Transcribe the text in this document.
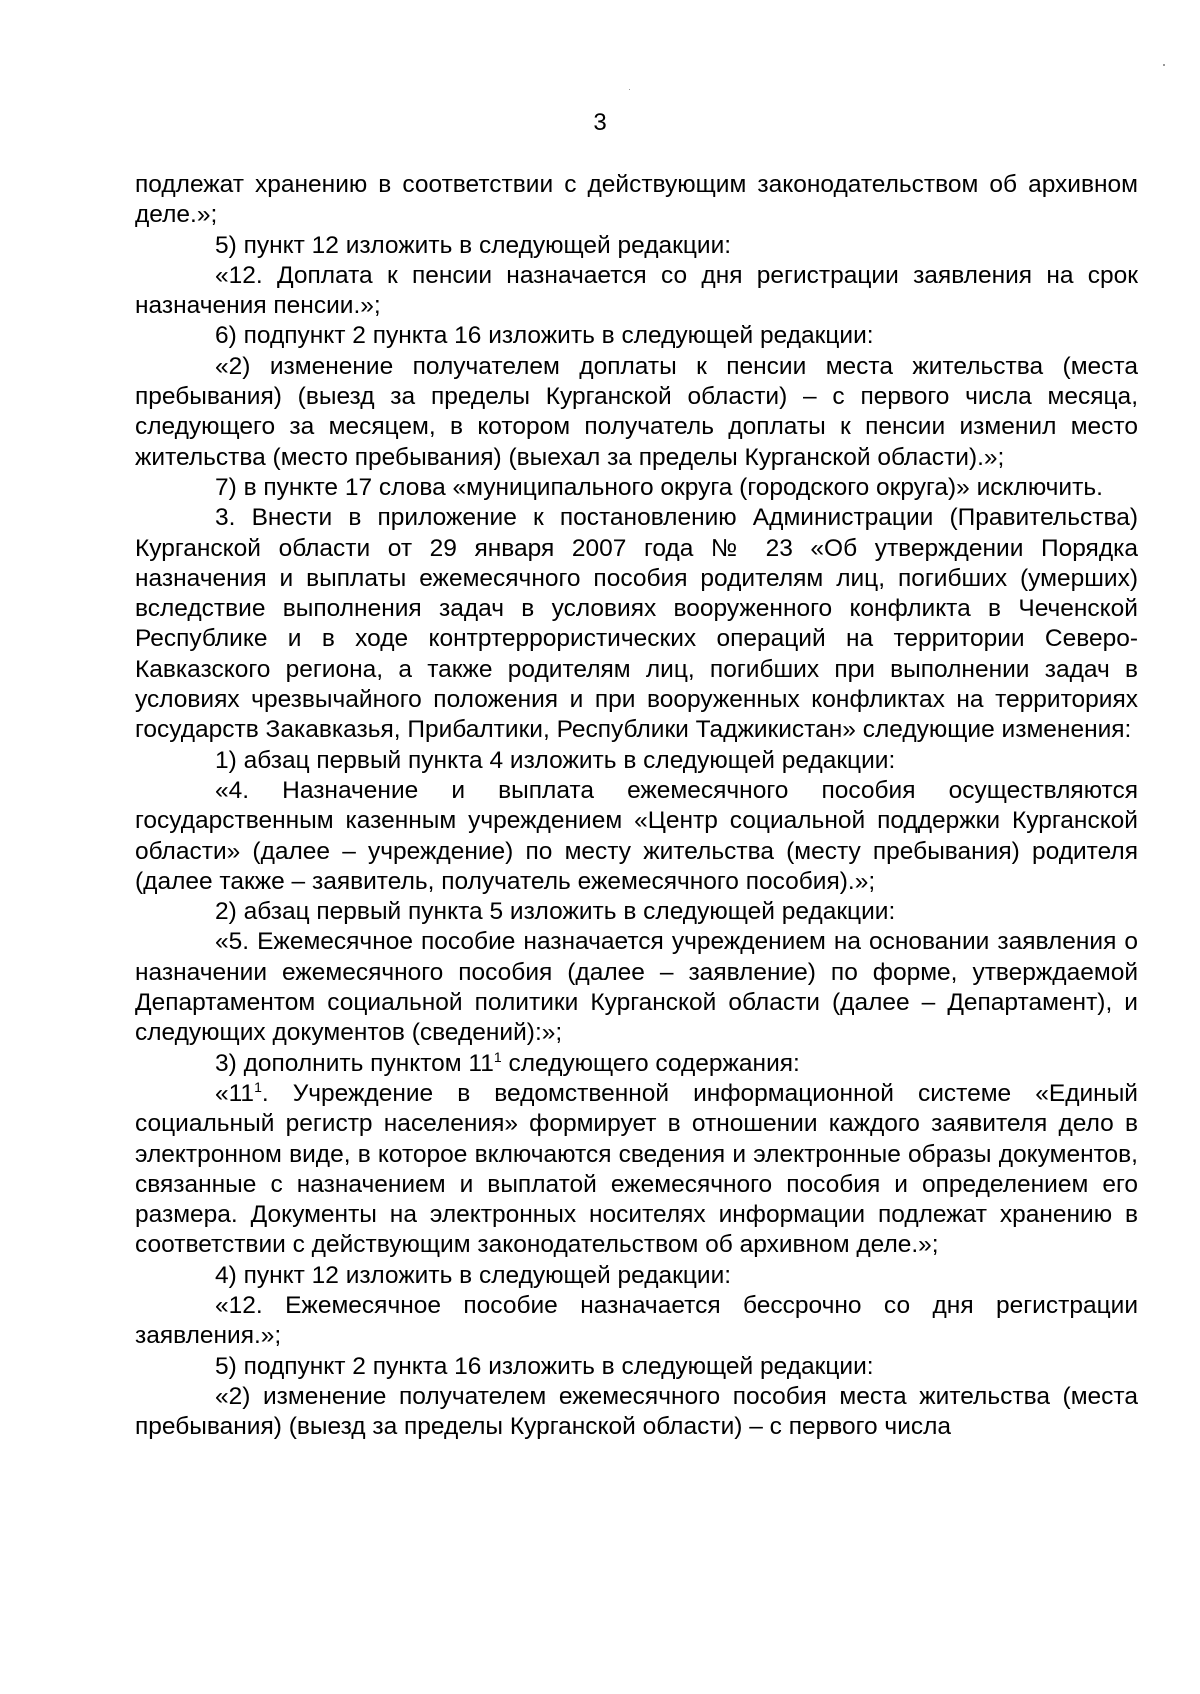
3

подлежат хранению в соответствии с действующим законодательством об архивном деле.»;

5) пункт 12 изложить в следующей редакции:

«12. Доплата к пенсии назначается со дня регистрации заявления на срок назначения пенсии.»;

6) подпункт 2 пункта 16 изложить в следующей редакции:

«2) изменение получателем доплаты к пенсии места жительства (места пребывания) (выезд за пределы Курганской области) – с первого числа месяца, следующего за месяцем, в котором получатель доплаты к пенсии изменил место жительства (место пребывания) (выехал за пределы Курганской области).»;

7) в пункте 17 слова «муниципального округа (городского округа)» исключить.

3. Внести в приложение к постановлению Администрации (Правительства) Курганской области от 29 января 2007 года № 23 «Об утверждении Порядка назначения и выплаты ежемесячного пособия родителям лиц, погибших (умерших) вследствие выполнения задач в условиях вооруженного конфликта в Чеченской Республике и в ходе контртеррористических операций на территории Северо-Кавказского региона, а также родителям лиц, погибших при выполнении задач в условиях чрезвычайного положения и при вооруженных конфликтах на территориях государств Закавказья, Прибалтики, Республики Таджикистан» следующие изменения:

1) абзац первый пункта 4 изложить в следующей редакции:

«4. Назначение и выплата ежемесячного пособия осуществляются государственным казенным учреждением «Центр социальной поддержки Курганской области» (далее – учреждение) по месту жительства (месту пребывания) родителя (далее также – заявитель, получатель ежемесячного пособия).»;

2) абзац первый пункта 5 изложить в следующей редакции:

«5. Ежемесячное пособие назначается учреждением на основании заявления о назначении ежемесячного пособия (далее – заявление) по форме, утверждаемой Департаментом социальной политики Курганской области (далее – Департамент), и следующих документов (сведений):»;

3) дополнить пунктом $11^1$ следующего содержания:

«$11^1$. Учреждение в ведомственной информационной системе «Единый социальный регистр населения» формирует в отношении каждого заявителя дело в электронном виде, в которое включаются сведения и электронные образы документов, связанные с назначением и выплатой ежемесячного пособия и определением его размера. Документы на электронных носителях информации подлежат хранению в соответствии с действующим законодательством об архивном деле.»;

4) пункт 12 изложить в следующей редакции:

«12. Ежемесячное пособие назначается бессрочно со дня регистрации заявления.»;

5) подпункт 2 пункта 16 изложить в следующей редакции:

«2) изменение получателем ежемесячного пособия места жительства (места пребывания) (выезд за пределы Курганской области) – с первого числа
